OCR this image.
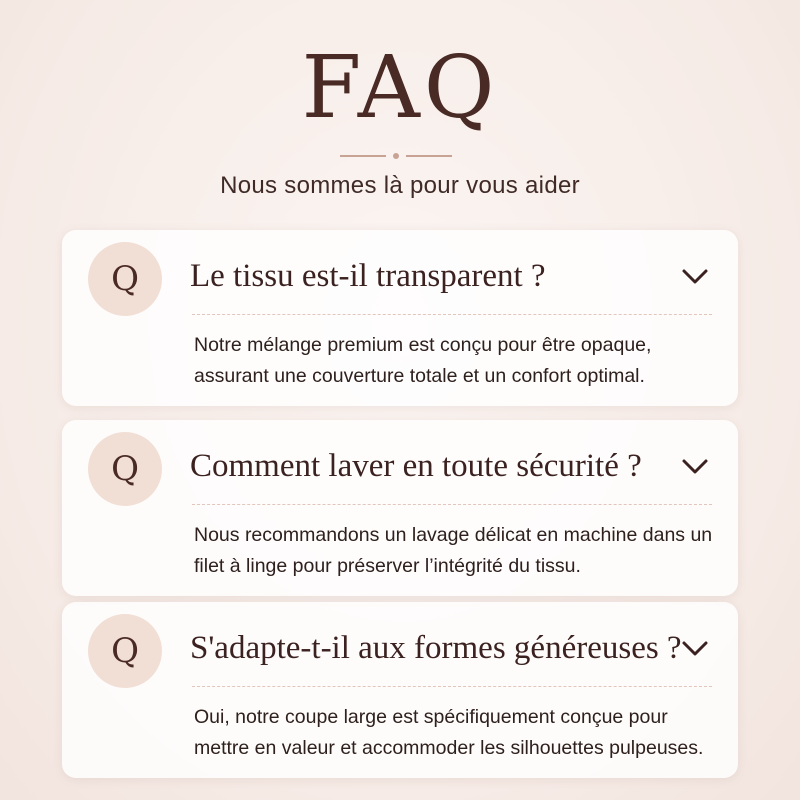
FAQ
Nous sommes là pour vous aider
Q	Le tissu est-il transparent ?
Notre mélange premium est conçu pour être opaque, assurant une couverture totale et un confort optimal.
Q	Comment laver en toute sécurité ?
Nous recommandons un lavage délicat en machine dans un filet à linge pour préserver l’intégrité du tissu.
Q	S'adapte-t-il aux formes généreuses ?
Oui, notre coupe large est spécifiquement conçue pour mettre en valeur et accommoder les silhouettes pulpeuses.
